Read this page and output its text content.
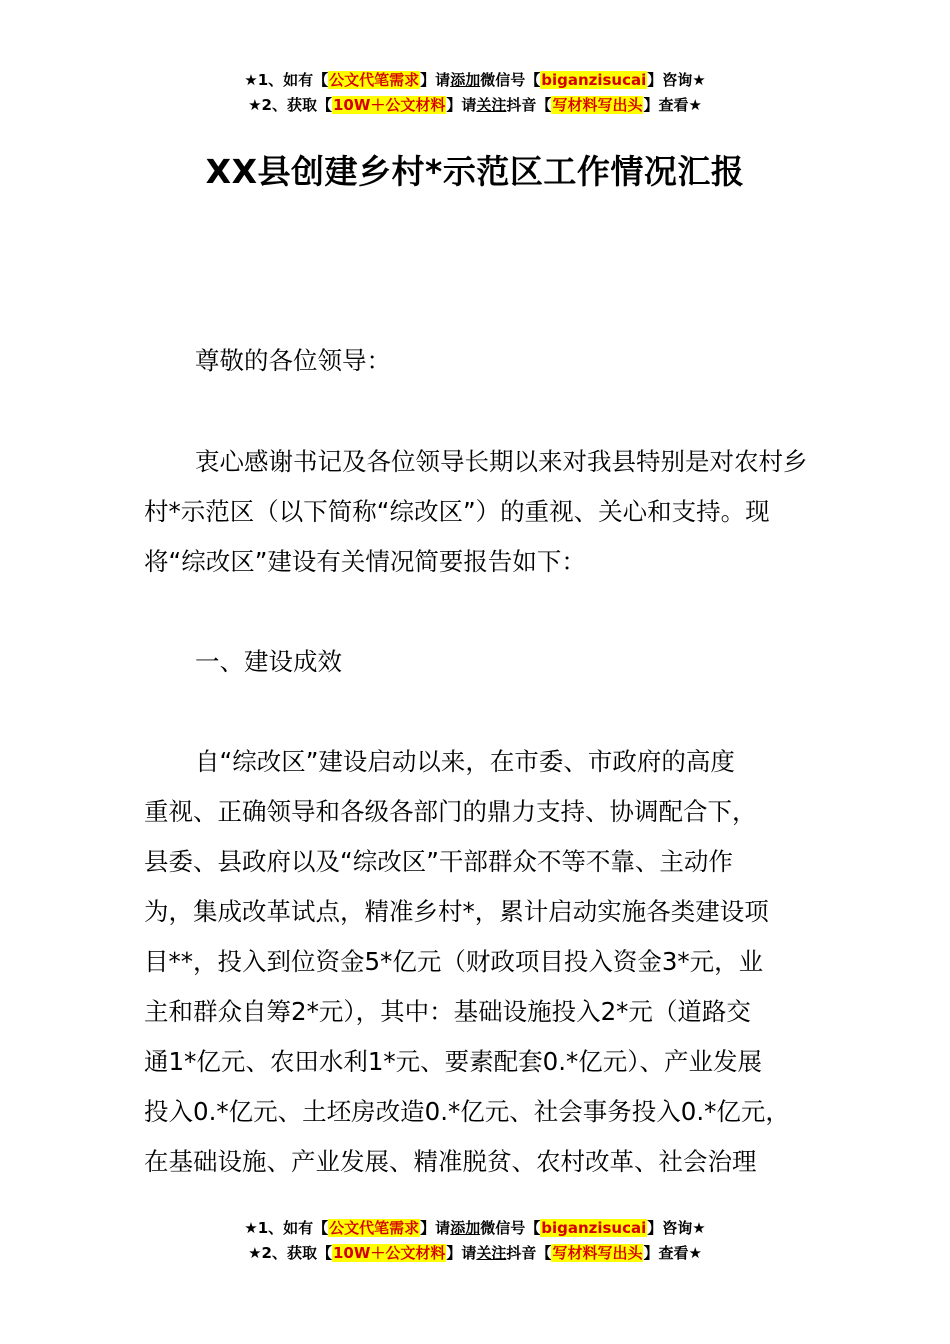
★1、如有【公文代笔需求】请添加微信号【biganzisucai】咨询★
★2、获取【10W＋公文材料】请关注抖音【写材料写出头】查看★
XX县创建乡村*示范区工作情况汇报

尊敬的各位领导：

衷心感谢书记及各位领导长期以来对我县特别是对农村乡村*示范区（以下简称“综改区”）的重视、关心和支持。现将“综改区”建设有关情况简要报告如下：

一、建设成效

自“综改区”建设启动以来，在市委、市政府的高度
重视、正确领导和各级各部门的鼎力支持、协调配合下，
县委、县政府以及“综改区”干部群众不等不靠、主动作
为，集成改革试点，精准乡村*，累计启动实施各类建设项
目**，投入到位资金5*亿元（财政项目投入资金3*元，业
主和群众自筹2*元），其中：基础设施投入2*元（道路交
通1*亿元、农田水利1*元、要素配套0.*亿元）、产业发展
投入0.*亿元、土坯房改造0.*亿元、社会事务投入0.*亿元，
在基础设施、产业发展、精准脱贫、农村改革、社会治理
★1、如有【公文代笔需求】请添加微信号【biganzisucai】咨询★
★2、获取【10W＋公文材料】请关注抖音【写材料写出头】查看★
